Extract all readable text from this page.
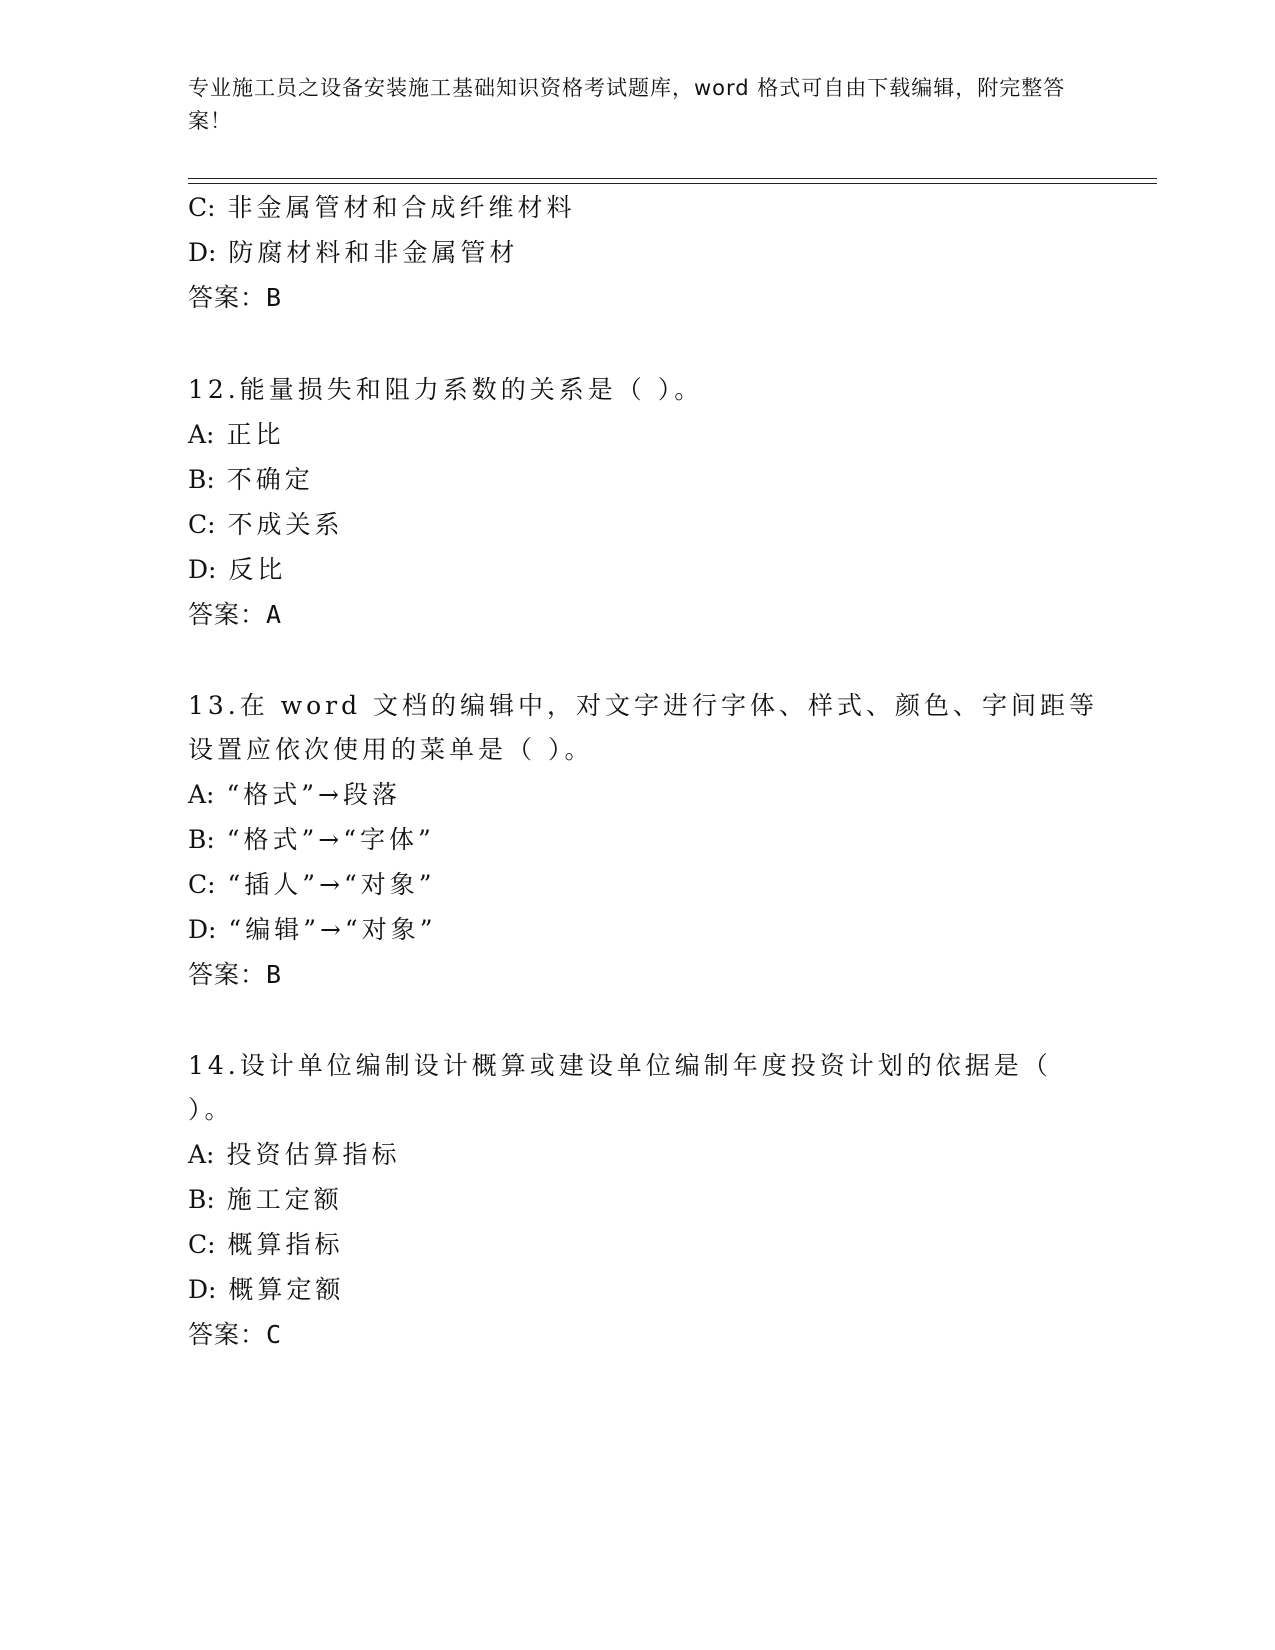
专业施工员之设备安装施工基础知识资格考试题库，word 格式可自由下载编辑，附完整答案！
C: 非金属管材和合成纤维材料
D: 防腐材料和非金属管材
答案：B
12.能量损失和阻力系数的关系是（ ）。
A: 正比
B: 不确定
C: 不成关系
D: 反比
答案：A
13.在 word 文档的编辑中，对文字进行字体、样式、颜色、字间距等
设置应依次使用的菜单是（ ）。
A: “格式”→段落
B: “格式”→“字体”
C: “插人”→“对象”
D: “编辑”→“对象”
答案：B
14.设计单位编制设计概算或建设单位编制年度投资计划的依据是（
）。
A: 投资估算指标
B: 施工定额
C: 概算指标
D: 概算定额
答案：C
